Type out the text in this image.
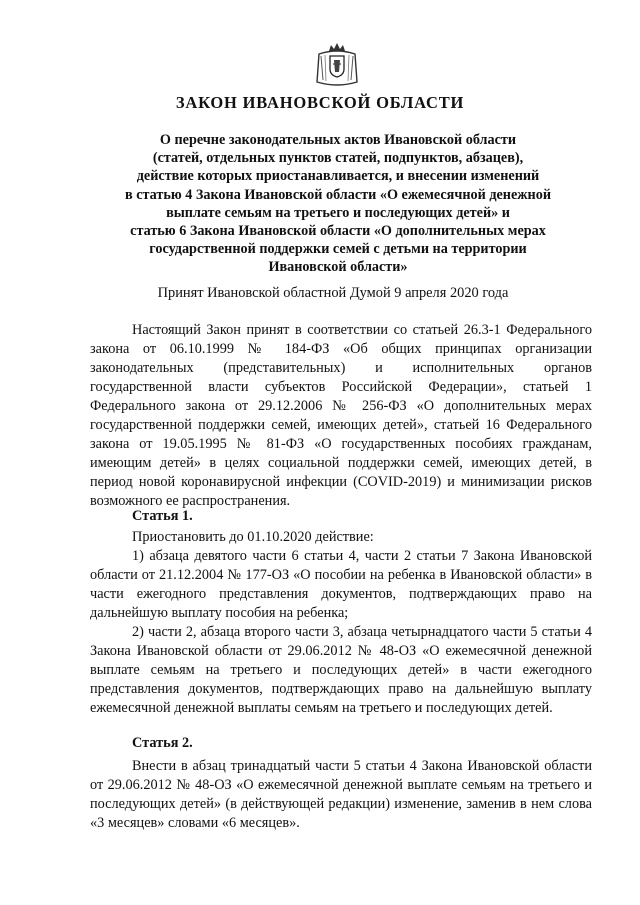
ЗАКОН ИВАНОВСКОЙ ОБЛАСТИ
О перечне законодательных актов Ивановской области
(статей, отдельных пунктов статей, подпунктов, абзацев),
действие которых приостанавливается, и внесении изменений
в статью 4 Закона Ивановской области «О ежемесячной денежной
выплате семьям на третьего и последующих детей» и
статью 6 Закона Ивановской области «О дополнительных мерах
государственной поддержки семей с детьми на территории
Ивановской области»

Принят Ивановской областной Думой 9 апреля 2020 года

Настоящий Закон принят в соответствии со статьей 26.3-1 Федерального закона от 06.10.1999 № 184-ФЗ «Об общих принципах организации законодательных (представительных) и исполнительных органов государственной власти субъектов Российской Федерации», статьей 1 Федерального закона от 29.12.2006 № 256-ФЗ «О дополнительных мерах государственной поддержки семей, имеющих детей», статьей 16 Федерального закона от 19.05.1995 № 81-ФЗ «О государственных пособиях гражданам, имеющим детей» в целях социальной поддержки семей, имеющих детей, в период новой коронавирусной инфекции (COVID-2019) и минимизации рисков возможного ее распространения.

Статья 1.

Приостановить до 01.10.2020 действие:

1) абзаца девятого части 6 статьи 4, части 2 статьи 7 Закона Ивановской области от 21.12.2004 № 177-ОЗ «О пособии на ребенка в Ивановской области» в части ежегодного представления документов, подтверждающих право на дальнейшую выплату пособия на ребенка;

2) части 2, абзаца второго части 3, абзаца четырнадцатого части 5 статьи 4 Закона Ивановской области от 29.06.2012 № 48-ОЗ «О ежемесячной денежной выплате семьям на третьего и последующих детей» в части ежегодного представления документов, подтверждающих право на дальнейшую выплату ежемесячной денежной выплаты семьям на третьего и последующих детей.

Статья 2.

Внести в абзац тринадцатый части 5 статьи 4 Закона Ивановской области от 29.06.2012 № 48-ОЗ «О ежемесячной денежной выплате семьям на третьего и последующих детей» (в действующей редакции) изменение, заменив в нем слова «3 месяцев» словами «6 месяцев».
